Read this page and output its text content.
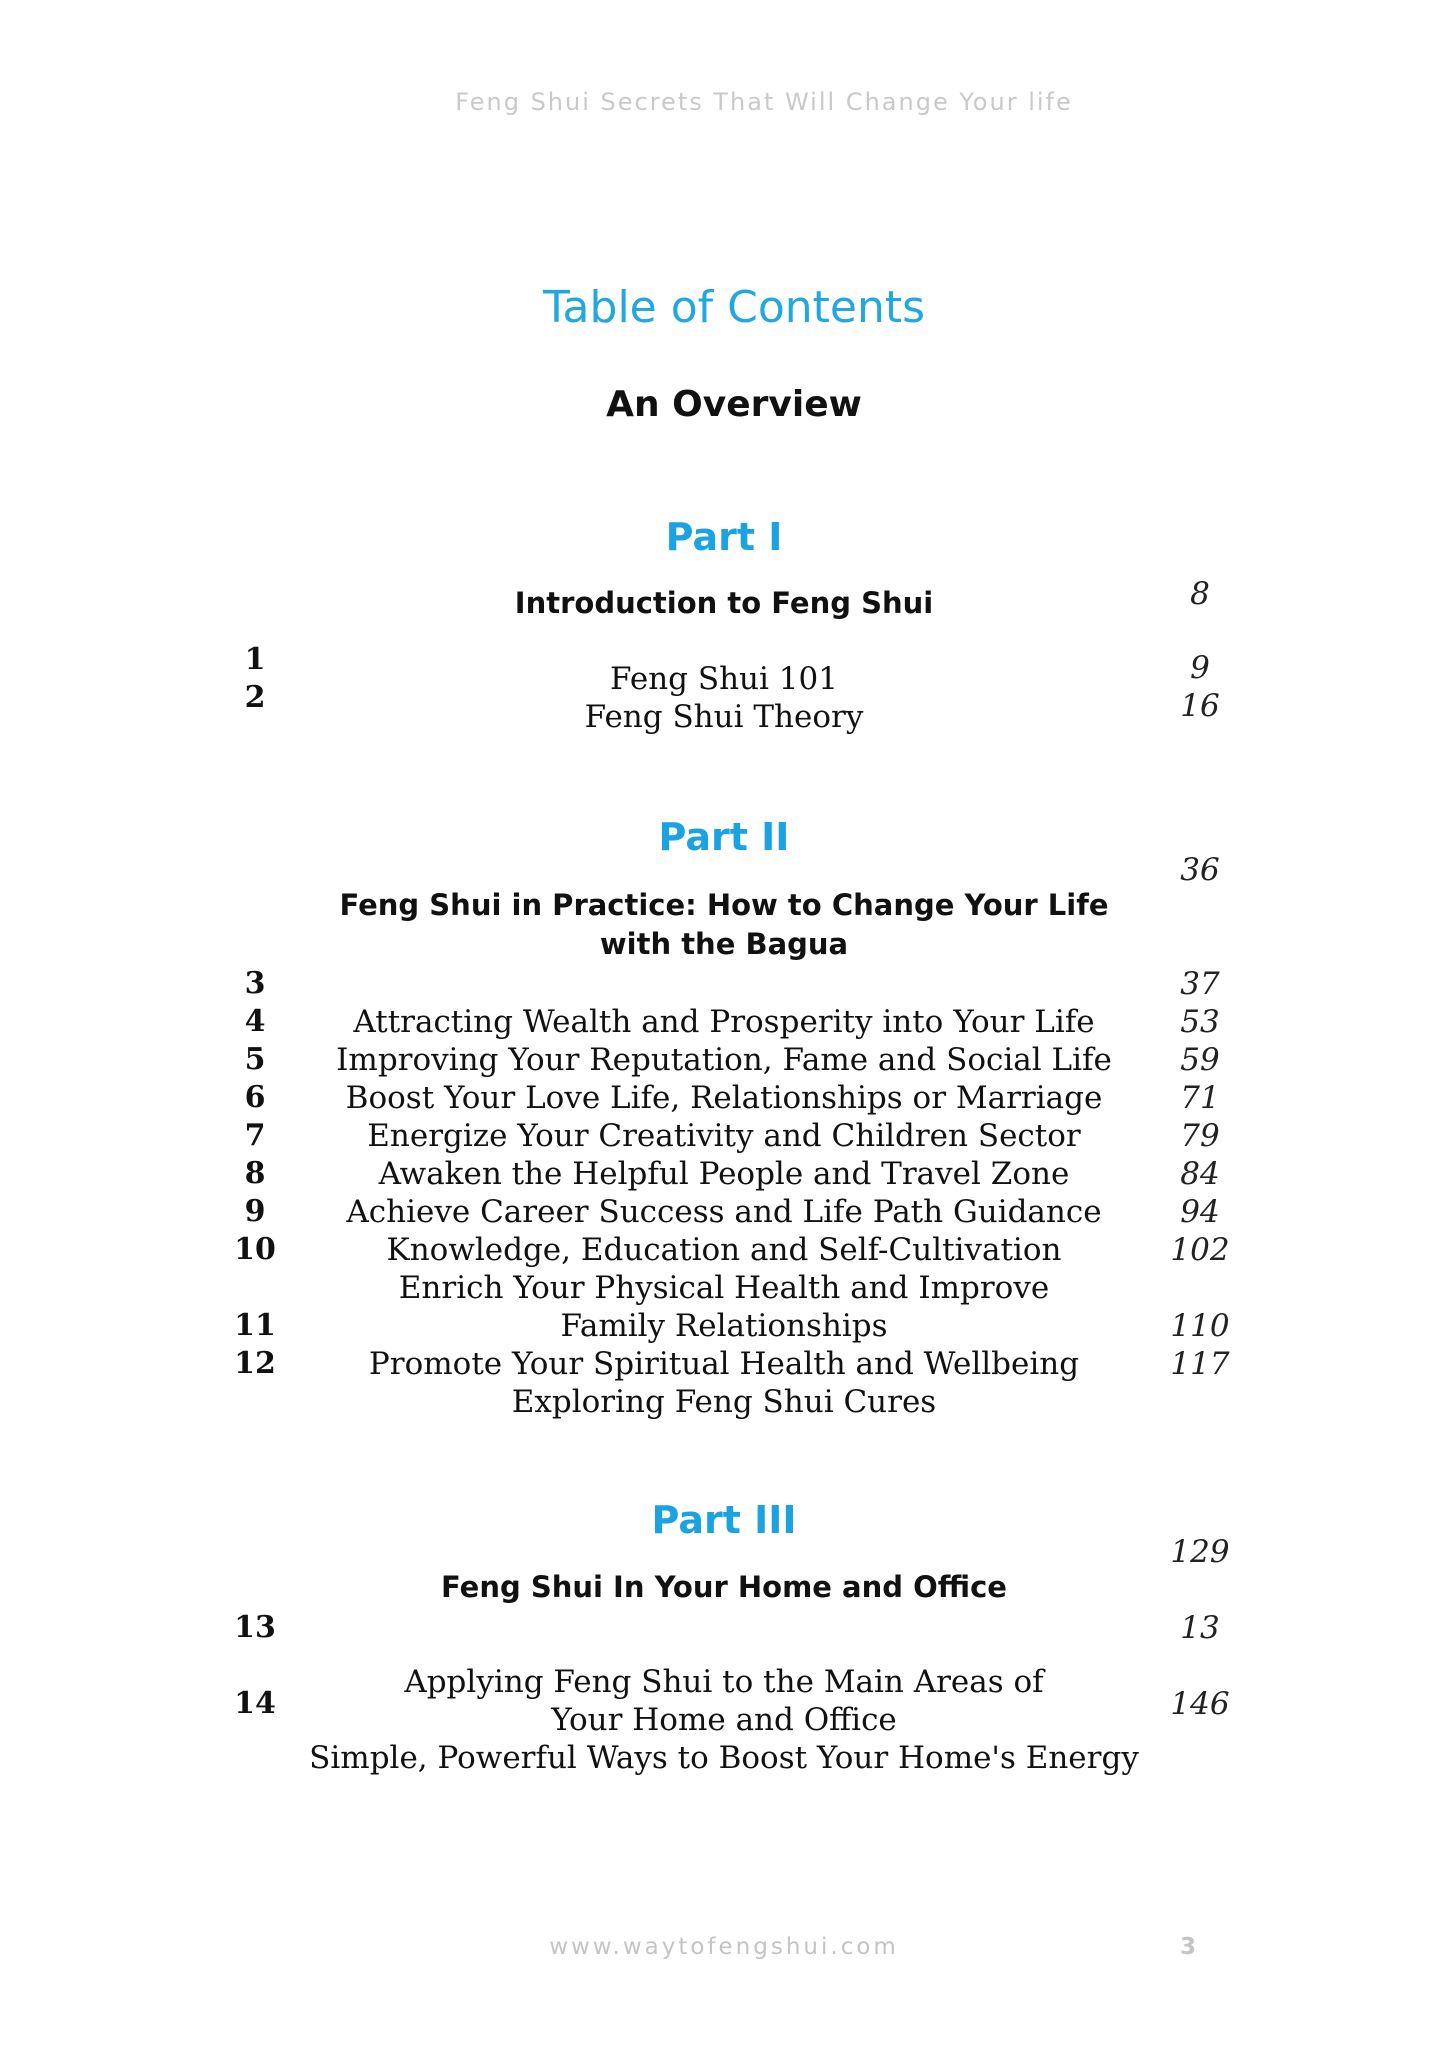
Feng Shui Secrets That Will Change Your life
Table of Contents
An Overview
Part I
Introduction to Feng Shui	8
1
2
Feng Shui 101
Feng Shui Theory
9
16
Part II
36
Feng Shui in Practice: How to Change Your Life
with the Bagua
3
4
5
6
7
8
9
10
11
12
Attracting Wealth and Prosperity into Your Life
Improving Your Reputation, Fame and Social Life
Boost Your Love Life, Relationships or Marriage
Energize Your Creativity and Children Sector
Awaken the Helpful People and Travel Zone
Achieve Career Success and Life Path Guidance
Knowledge, Education and Self-Cultivation
Enrich Your Physical Health and Improve
Family Relationships
Promote Your Spiritual Health and Wellbeing
Exploring Feng Shui Cures
37
53
59
71
79
84
94
102
110
117
Part III
129
Feng Shui In Your Home and Office
13
14
13
146
Applying Feng Shui to the Main Areas of
Your Home and Office
Simple, Powerful Ways to Boost Your Home's Energy
www.waytofengshui.com	3
